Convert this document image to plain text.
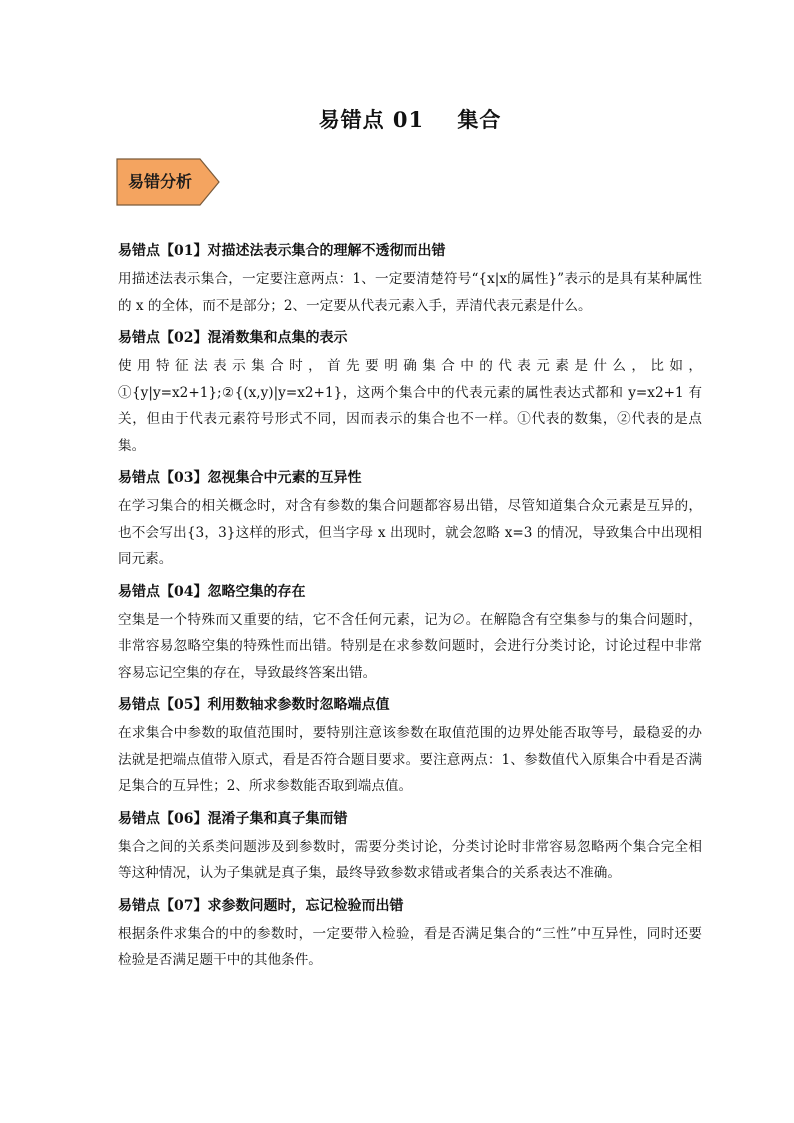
易错点 01    集合
易错分析
易错点【01】对描述法表示集合的理解不透彻而出错
用描述法表示集合，一定要注意两点：1、一定要清楚符号“{x|x的属性}”表示的是具有某种属性的 x 的全体，而不是部分；2、一定要从代表元素入手，弄清代表元素是什么。
易错点【02】混淆数集和点集的表示
使用特征法表示集合时，首先要明确集合中的代表元素是什么，比如，①{y|y=x2+1};②{(x,y)|y=x2+1}，这两个集合中的代表元素的属性表达式都和 y=x2+1 有关，但由于代表元素符号形式不同，因而表示的集合也不一样。①代表的数集，②代表的是点集。
易错点【03】忽视集合中元素的互异性
在学习集合的相关概念时，对含有参数的集合问题都容易出错，尽管知道集合众元素是互异的，也不会写出{3，3}这样的形式，但当字母 x 出现时，就会忽略 x=3 的情况，导致集合中出现相同元素。
易错点【04】忽略空集的存在
空集是一个特殊而又重要的结，它不含任何元素，记为∅。在解隐含有空集参与的集合问题时，非常容易忽略空集的特殊性而出错。特别是在求参数问题时，会进行分类讨论，讨论过程中非常容易忘记空集的存在，导致最终答案出错。
易错点【05】利用数轴求参数时忽略端点值
在求集合中参数的取值范围时，要特别注意该参数在取值范围的边界处能否取等号，最稳妥的办法就是把端点值带入原式，看是否符合题目要求。要注意两点：1、参数值代入原集合中看是否满足集合的互异性；2、所求参数能否取到端点值。
易错点【06】混淆子集和真子集而错
集合之间的关系类问题涉及到参数时，需要分类讨论，分类讨论时非常容易忽略两个集合完全相等这种情况，认为子集就是真子集，最终导致参数求错或者集合的关系表达不准确。
易错点【07】求参数问题时，忘记检验而出错
根据条件求集合的中的参数时，一定要带入检验，看是否满足集合的“三性”中互异性，同时还要检验是否满足题干中的其他条件。
